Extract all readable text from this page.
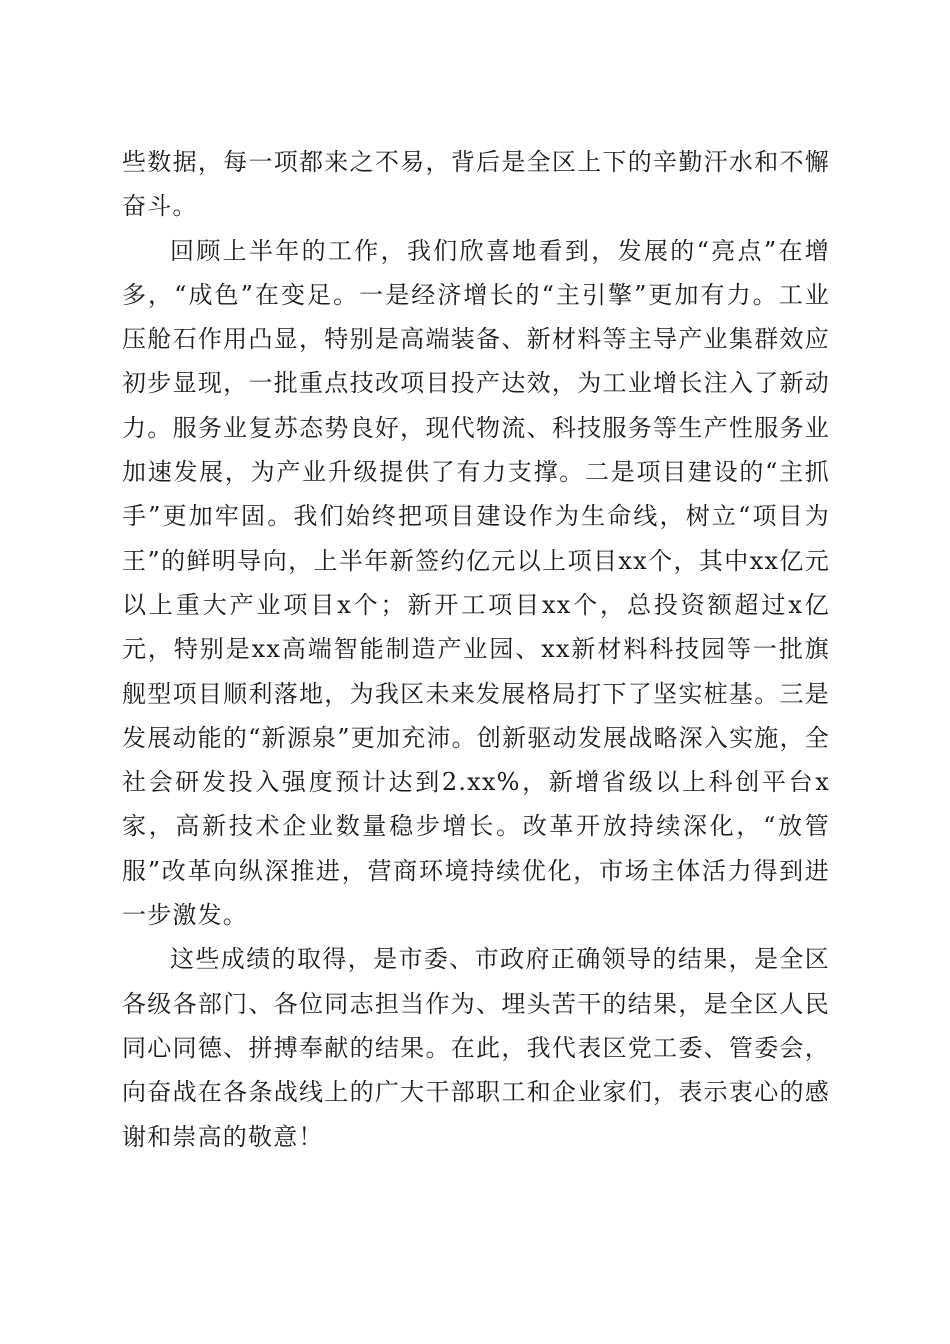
些数据，每一项都来之不易，背后是全区上下的辛勤汗水和不懈奋斗。

回顾上半年的工作，我们欣喜地看到，发展的“亮点”在增多，“成色”在变足。一是经济增长的“主引擎”更加有力。工业压舱石作用凸显，特别是高端装备、新材料等主导产业集群效应初步显现，一批重点技改项目投产达效，为工业增长注入了新动力。服务业复苏态势良好，现代物流、科技服务等生产性服务业加速发展，为产业升级提供了有力支撑。二是项目建设的“主抓手”更加牢固。我们始终把项目建设作为生命线，树立“项目为王”的鲜明导向，上半年新签约亿元以上项目xx个，其中xx亿元以上重大产业项目x个；新开工项目xx个，总投资额超过x亿元，特别是xx高端智能制造产业园、xx新材料科技园等一批旗舰型项目顺利落地，为我区未来发展格局打下了坚实桩基。三是发展动能的“新源泉”更加充沛。创新驱动发展战略深入实施，全社会研发投入强度预计达到2.xx%，新增省级以上科创平台x家，高新技术企业数量稳步增长。改革开放持续深化，“放管服”改革向纵深推进，营商环境持续优化，市场主体活力得到进一步激发。

这些成绩的取得，是市委、市政府正确领导的结果，是全区各级各部门、各位同志担当作为、埋头苦干的结果，是全区人民同心同德、拼搏奉献的结果。在此，我代表区党工委、管委会，向奋战在各条战线上的广大干部职工和企业家们，表示衷心的感谢和崇高的敬意！
